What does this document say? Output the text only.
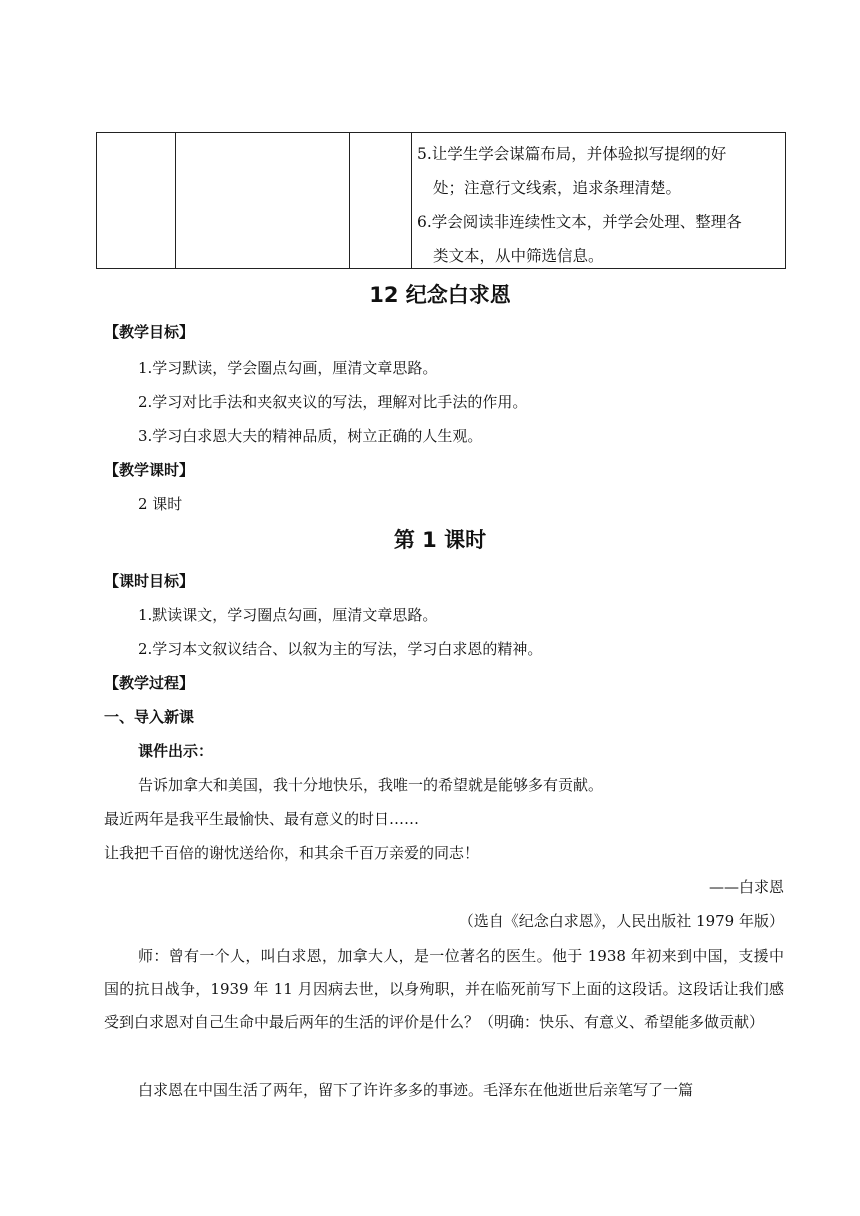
5.让学生学会谋篇布局，并体验拟写提纲的好
处；注意行文线索，追求条理清楚。
6.学会阅读非连续性文本，并学会处理、整理各
类文本，从中筛选信息。
12 纪念白求恩
【教学目标】
1.学习默读，学会圈点勾画，厘清文章思路。
2.学习对比手法和夹叙夹议的写法，理解对比手法的作用。
3.学习白求恩大夫的精神品质，树立正确的人生观。
【教学课时】
2 课时
第 1 课时
【课时目标】
1.默读课文，学习圈点勾画，厘清文章思路。
2.学习本文叙议结合、以叙为主的写法，学习白求恩的精神。
【教学过程】
一、导入新课
课件出示：
告诉加拿大和美国，我十分地快乐，我唯一的希望就是能够多有贡献。
最近两年是我平生最愉快、最有意义的时日……
让我把千百倍的谢忱送给你，和其余千百万亲爱的同志！
——白求恩
（选自《纪念白求恩》，人民出版社 1979 年版）
师：曾有一个人，叫白求恩，加拿大人，是一位著名的医生。他于 1938 年初来到中国，支援中国的抗日战争，1939 年 11 月因病去世，以身殉职，并在临死前写下上面的这段话。这段话让我们感受到白求恩对自己生命中最后两年的生活的评价是什么？（明确：快乐、有意义、希望能多做贡献）
白求恩在中国生活了两年，留下了许许多多的事迹。毛泽东在他逝世后亲笔写了一篇
